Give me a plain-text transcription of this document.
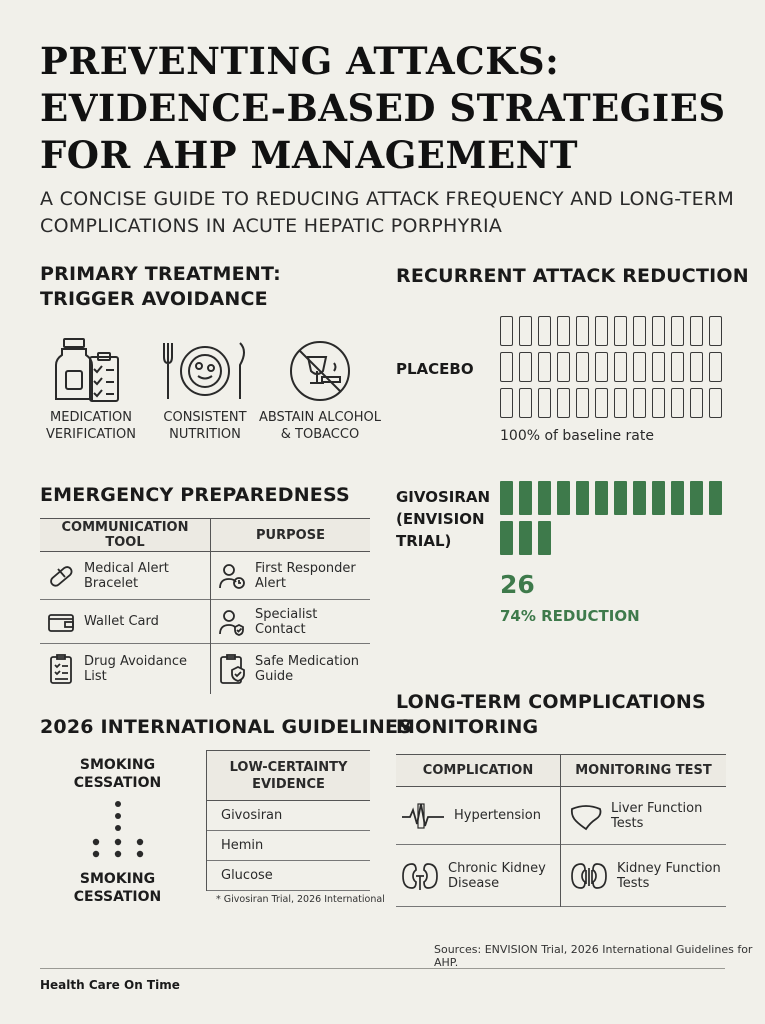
PREVENTING ATTACKS: EVIDENCE-BASED STRATEGIES FOR AHP MANAGEMENT

A CONCISE GUIDE TO REDUCING ATTACK FREQUENCY AND LONG-TERM COMPLICATIONS IN ACUTE HEPATIC PORPHYRIA

PRIMARY TREATMENT:
TRIGGER AVOIDANCE
MEDICATION
VERIFICATION
CONSISTENT
NUTRITION
ABSTAIN ALCOHOL
& TOBACCO
EMERGENCY PREPAREDNESS
COMMUNICATION TOOL	PURPOSE

Medical Alert Bracelet	First Responder Alert

Wallet Card	Specialist Contact

Drug Avoidance List	Safe Medication Guide
2026 INTERNATIONAL GUIDELINES
SMOKING
CESSATION
SMOKING
CESSATION
LOW-CERTAINTY
EVIDENCE

Givosiran
Hemin
Glucose
* Givosiran Trial, 2026 International
RECURRENT ATTACK REDUCTION
PLACEBO
100% of baseline rate
GIVOSIRAN
(ENVISION
TRIAL)
26
74% REDUCTION
LONG-TERM COMPLICATIONS
MONITORING
COMPLICATION	MONITORING TEST

Hypertension	Liver Function Tests

Chronic Kidney Disease	Kidney Function Tests
Sources: ENVISION Trial, 2026 International Guidelines for AHP.
Health Care On Time
